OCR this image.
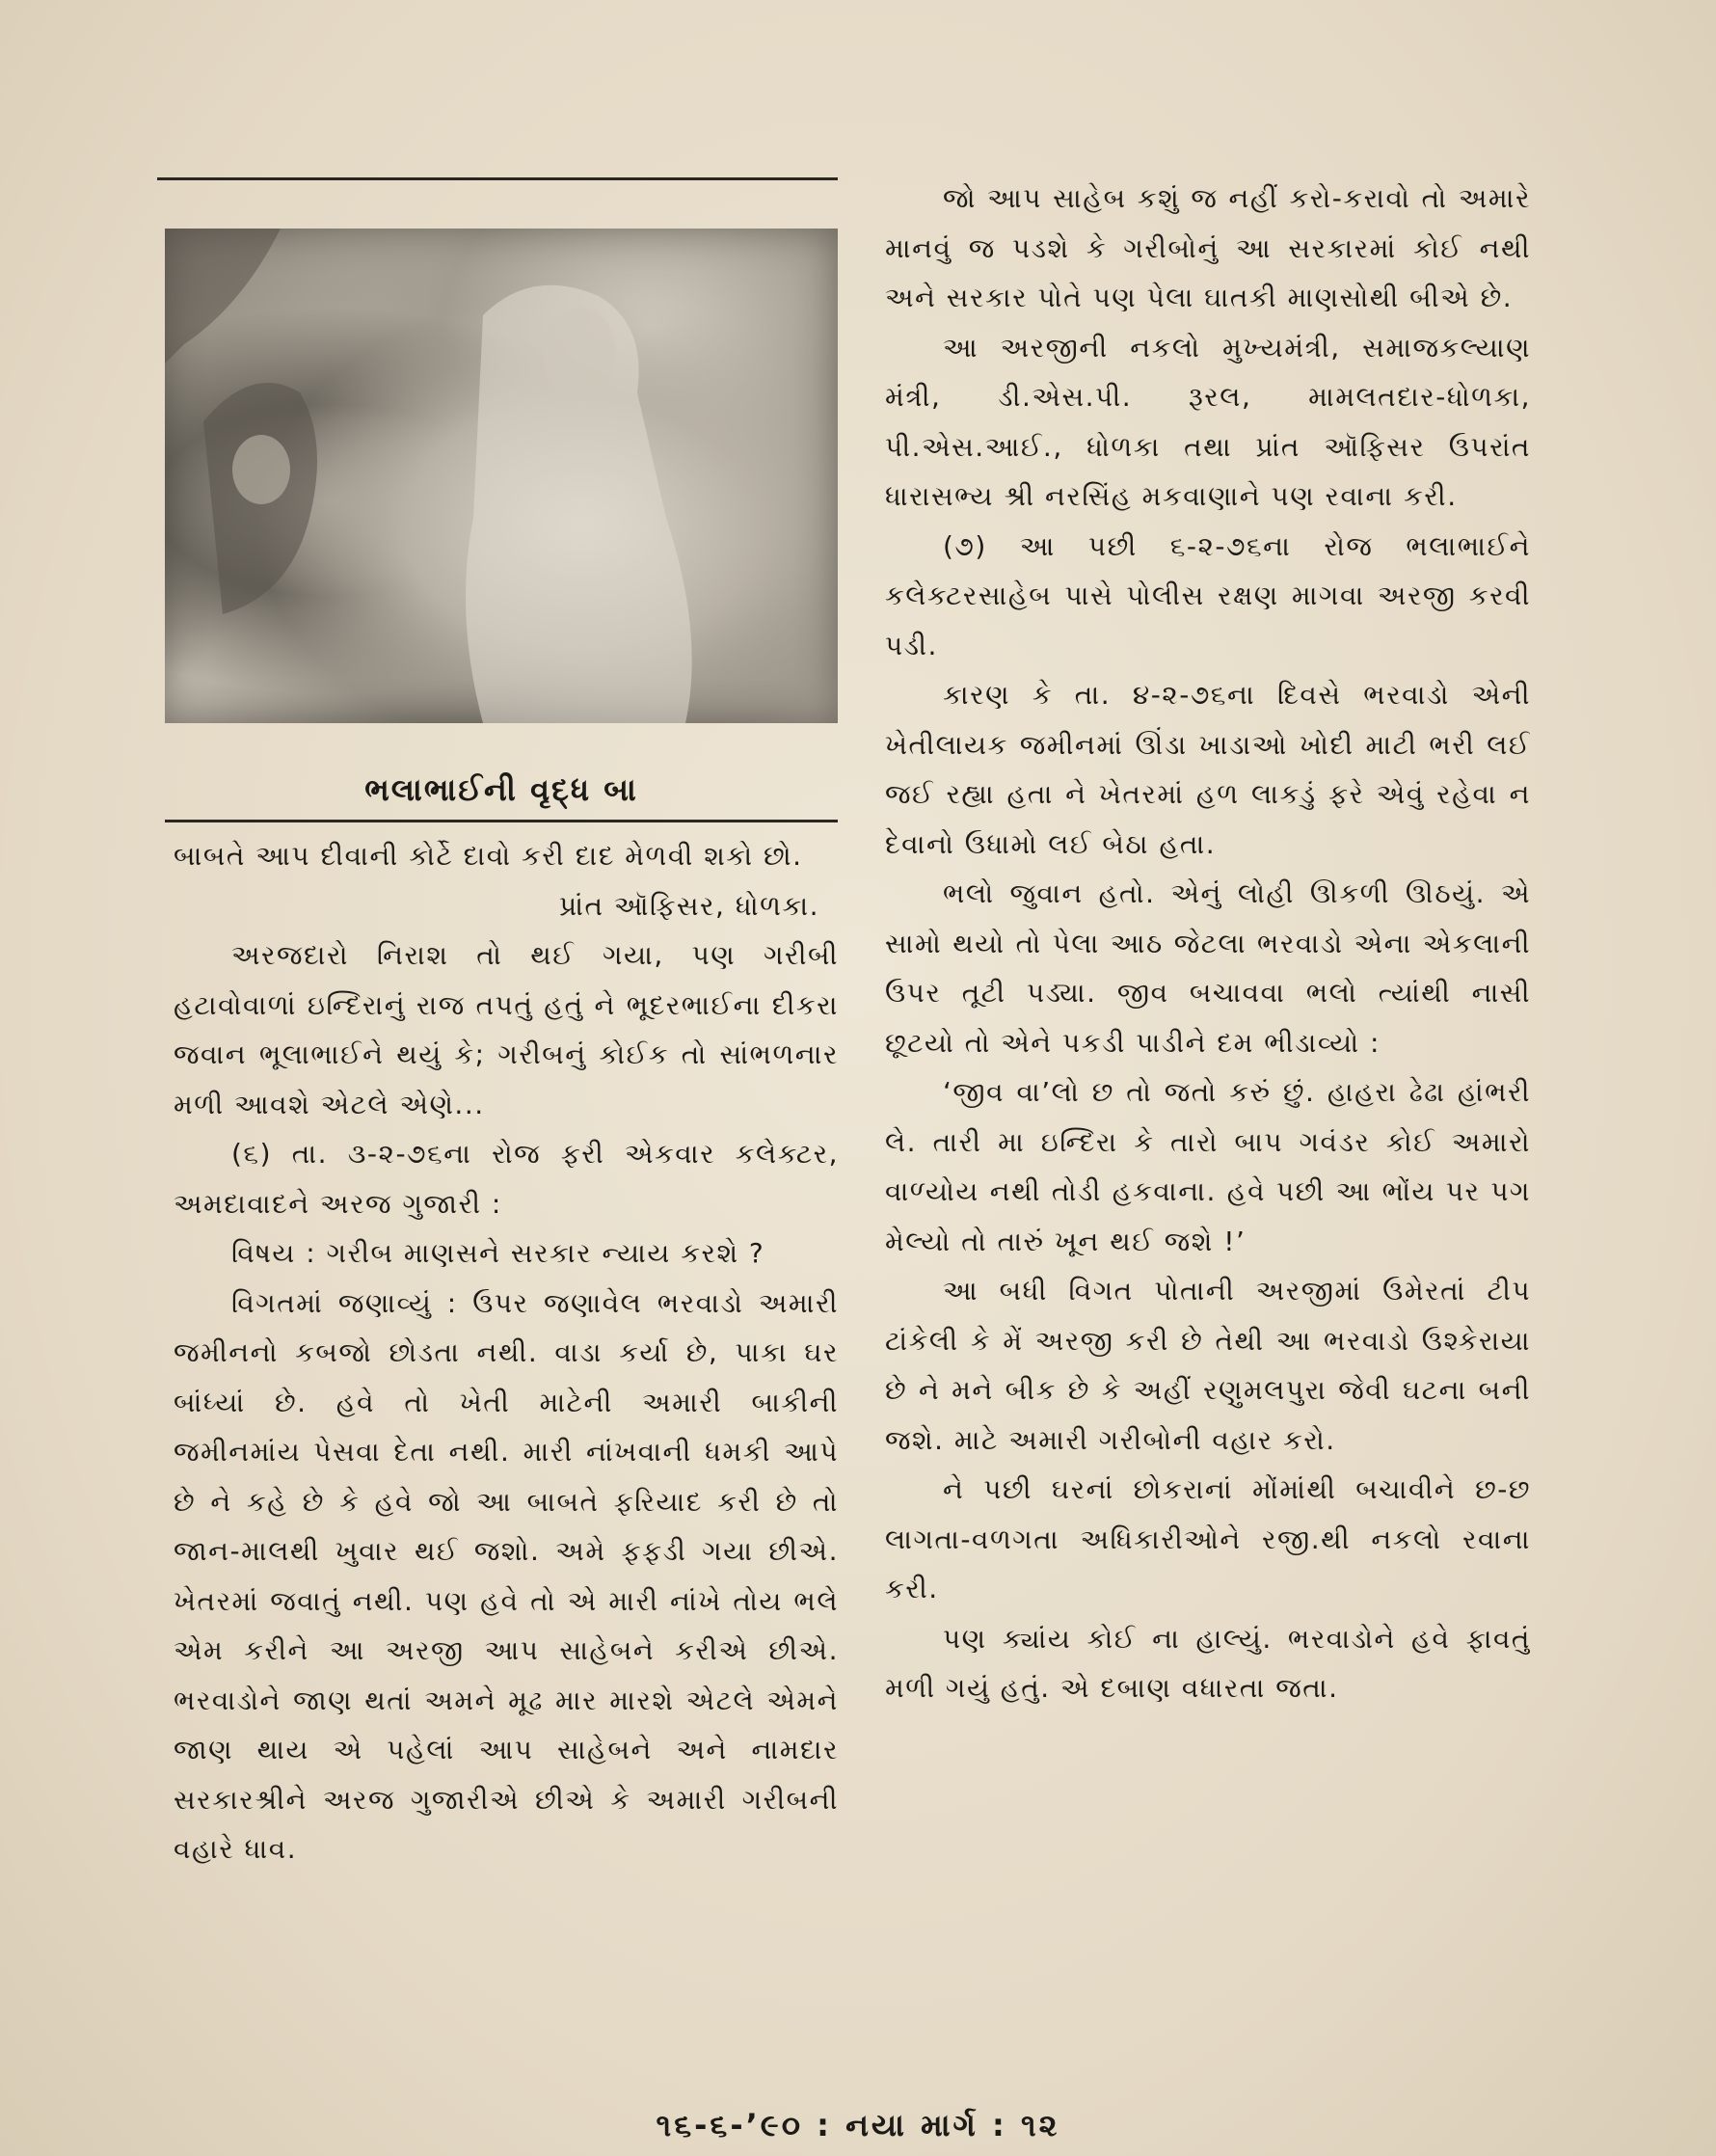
ભલાભાઈની વૃદ્ધ બા

બાબતે આપ દીવાની કોર્ટે દાવો કરી દાદ મેળવી શકો છો.

પ્રાંત ઑફિસર, ધોળકા.

અરજદારો નિરાશ તો થઈ ગયા, પણ ગરીબી હટાવોવાળાં ઇન્દિરાનું રાજ તપતું હતું ને ભૂદરભાઈના દીકરા જવાન ભૂલાભાઈને થયું કે; ગરીબનું કોઈક તો સાંભળનાર મળી આવશે એટલે એણે...

(૬) તા. ૩-૨-૭૬ના રોજ ફરી એકવાર કલેક્ટર, અમદાવાદને અરજ ગુજારી :

વિષય : ગરીબ માણસને સરકાર ન્યાય કરશે ?

વિગતમાં જણાવ્યું : ઉપર જણાવેલ ભરવાડો અમારી જમીનનો કબજો છોડતા નથી. વાડા કર્યા છે, પાકા ઘર બાંધ્યાં છે. હવે તો ખેતી માટેની અમારી બાકીની જમીનમાંય પેસવા દેતા નથી. મારી નાંખવાની ધમકી આપે છે ને કહે છે કે હવે જો આ બાબતે ફરિયાદ કરી છે તો જાન-માલથી ખુવાર થઈ જશો. અમે ફફડી ગયા છીએ. ખેતરમાં જવાતું નથી. પણ હવે તો એ મારી નાંખે તોય ભલે એમ કરીને આ અરજી આપ સાહેબને કરીએ છીએ. ભરવાડોને જાણ થતાં અમને મૂઢ માર મારશે એટલે એમને જાણ થાય એ પહેલાં આપ સાહેબને અને નામદાર સરકારશ્રીને અરજ ગુજારીએ છીએ કે અમારી ગરીબની વહારે ધાવ.

જો આપ સાહેબ કશું જ નહીં કરો-કરાવો તો અમારે માનવું જ પડશે કે ગરીબોનું આ સરકારમાં કોઈ નથી અને સરકાર પોતે પણ પેલા ઘાતકી માણસોથી બીએ છે.

આ અરજીની નકલો મુખ્યમંત્રી, સમાજકલ્યાણ મંત્રી, ડી.એસ.પી. રૂરલ, મામલતદાર-ધોળકા, પી.એસ.આઈ., ધોળકા તથા પ્રાંત ઑફિસર ઉપરાંત ધારાસભ્ય શ્રી નરસિંહ મકવાણાને પણ રવાના કરી.

(૭) આ પછી ૬-૨-૭૬ના રોજ ભલાભાઈને કલેક્ટરસાહેબ પાસે પોલીસ રક્ષણ માગવા અરજી કરવી પડી.

કારણ કે તા. ૪-૨-૭૬ના દિવસે ભરવાડો એની ખેતીલાયક જમીનમાં ઊંડા ખાડાઓ ખોદી માટી ભરી લઈ જઈ રહ્યા હતા ને ખેતરમાં હળ લાકડું ફરે એવું રહેવા ન દેવાનો ઉધામો લઈ બેઠા હતા.

ભલો જુવાન હતો. એનું લોહી ઊકળી ઊઠયું. એ સામો થયો તો પેલા આઠ જેટલા ભરવાડો એના એકલાની ઉપર તૂટી પડ્યા. જીવ બચાવવા ભલો ત્યાંથી નાસી છૂટયો તો એને પકડી પાડીને દમ ભીડાવ્યો :

‘જીવ વા’લો છ તો જતો કરું છું. હાહરા ઢેઢા હાંભરી લે. તારી મા ઇન્દિરા કે તારો બાપ ગવંડર કોઈ અમારો વાળ્યોય નથી તોડી હકવાના. હવે પછી આ ભોંય પર પગ મેલ્યો તો તારું ખૂન થઈ જશે !’

આ બધી વિગત પોતાની અરજીમાં ઉમેરતાં ટીપ ટાંકેલી કે મેં અરજી કરી છે તેથી આ ભરવાડો ઉશ્કેરાયા છે ને મને બીક છે કે અહીં રણુમલપુરા જેવી ઘટના બની જશે. માટે અમારી ગરીબોની વહાર કરો.

ને પછી ઘરનાં છોકરાનાં મોંમાંથી બચાવીને છ-છ લાગતા-વળગતા અધિકારીઓને રજી.થી નકલો રવાના કરી.

પણ ક્યાંય કોઈ ના હાલ્યું. ભરવાડોને હવે ફાવતું મળી ગયું હતું. એ દબાણ વધારતા જતા.

૧૬-૬-’૯૦ : નયા માર્ગ : ૧૨
